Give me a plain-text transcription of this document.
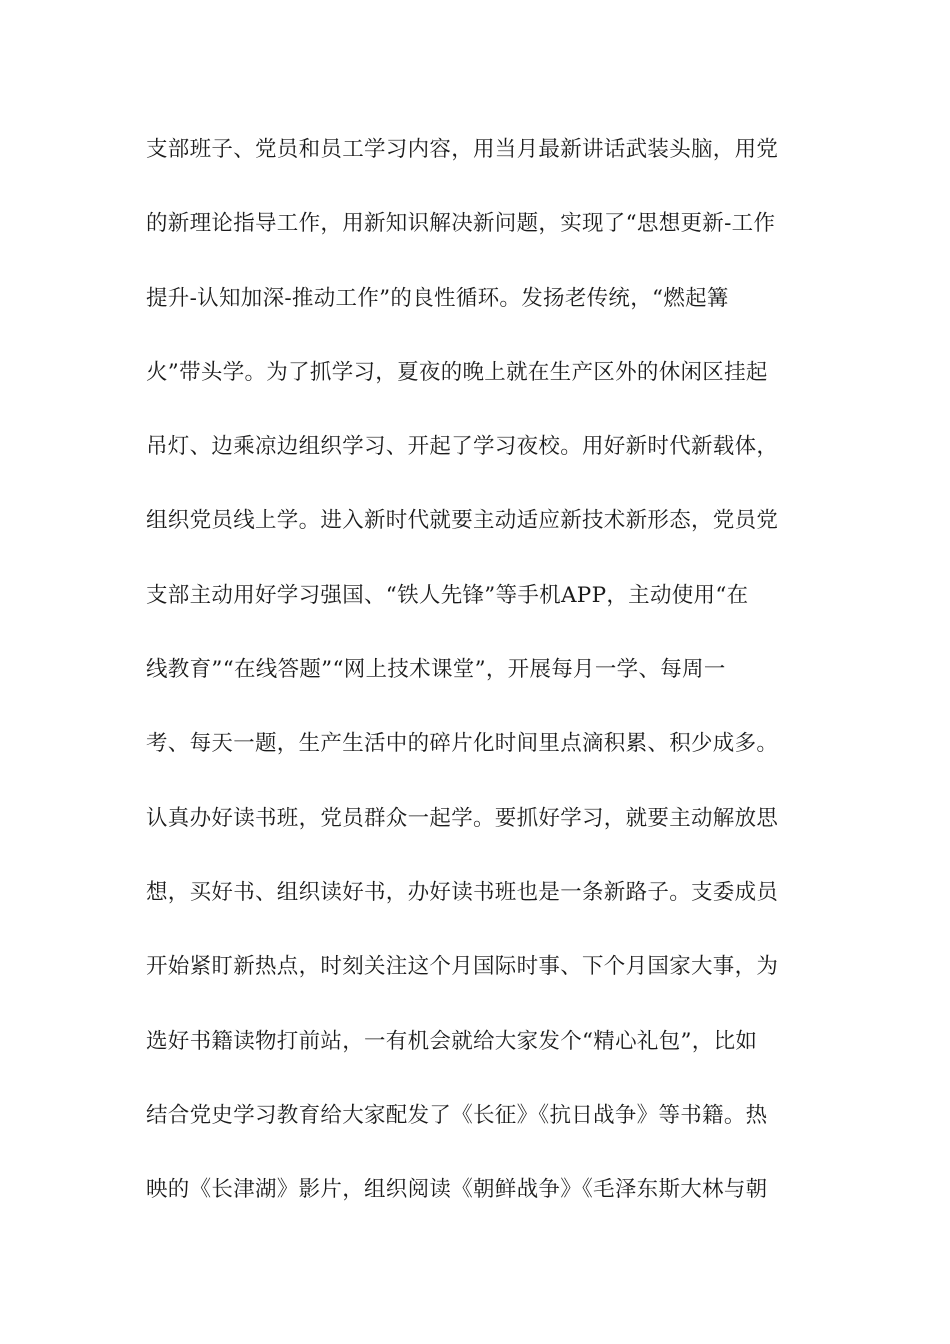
支部班子、党员和员工学习内容，用当月最新讲话武装头脑，用党
的新理论指导工作，用新知识解决新问题，实现了“思想更新-工作
提升-认知加深-推动工作”的良性循环。发扬老传统，“燃起篝
火”带头学。为了抓学习，夏夜的晚上就在生产区外的休闲区挂起
吊灯、边乘凉边组织学习、开起了学习夜校。用好新时代新载体，
组织党员线上学。进入新时代就要主动适应新技术新形态，党员党
支部主动用好学习强国、“铁人先锋”等手机APP，主动使用“在
线教育”“在线答题”“网上技术课堂”，开展每月一学、每周一
考、每天一题，生产生活中的碎片化时间里点滴积累、积少成多。
认真办好读书班，党员群众一起学。要抓好学习，就要主动解放思
想，买好书、组织读好书，办好读书班也是一条新路子。支委成员
开始紧盯新热点，时刻关注这个月国际时事、下个月国家大事，为
选好书籍读物打前站，一有机会就给大家发个“精心礼包”，比如
结合党史学习教育给大家配发了《长征》《抗日战争》等书籍。热
映的《长津湖》影片，组织阅读《朝鲜战争》《毛泽东斯大林与朝
